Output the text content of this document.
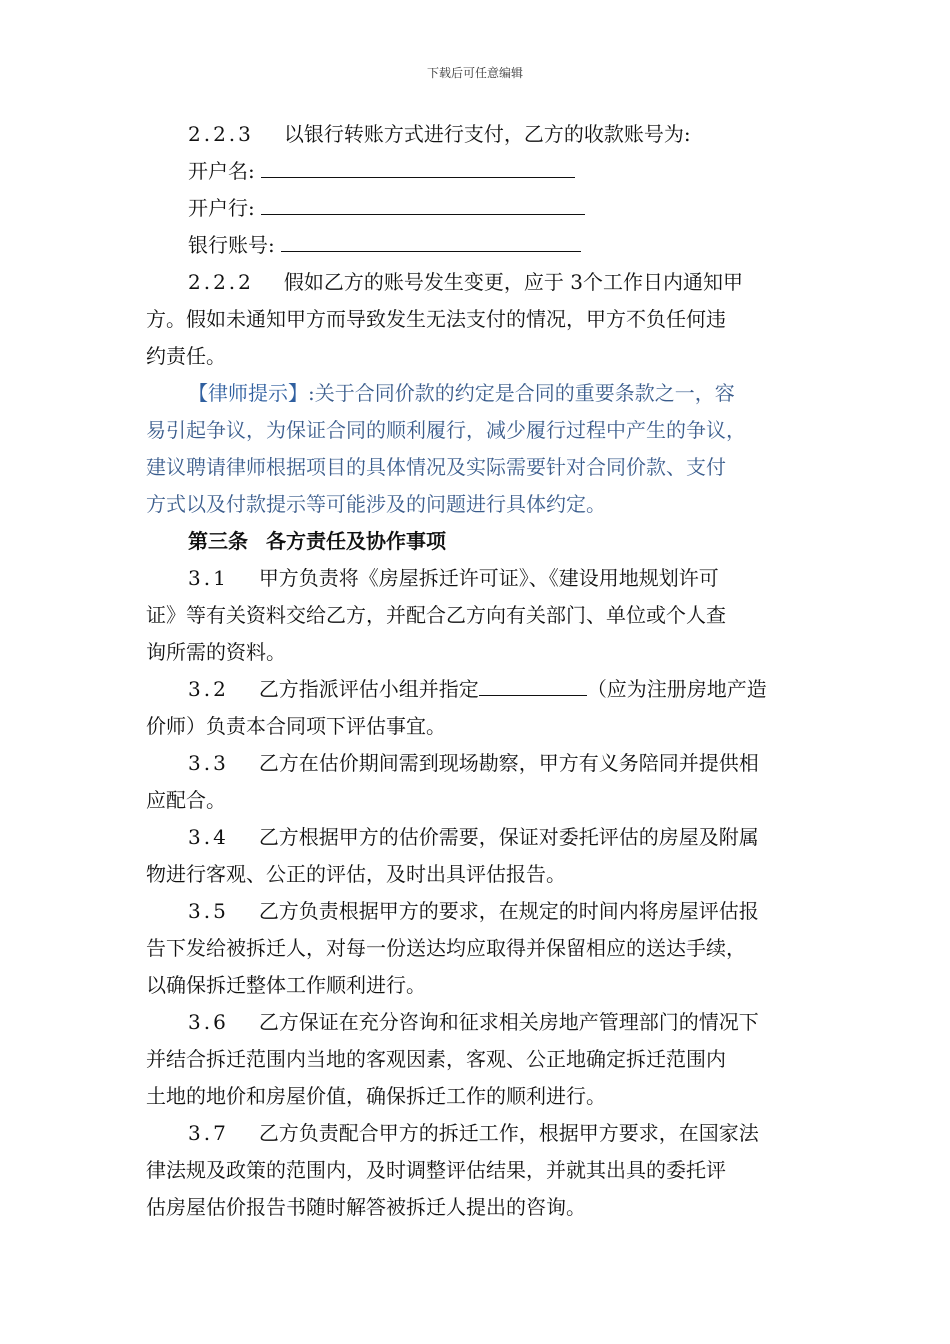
下载后可任意编辑
2.2.3 以银行转账方式进行支付，乙方的收款账号为:
开户名:
开户行:
银行账号:
2.2.2 假如乙方的账号发生变更，应于 3个工作日内通知甲
方。假如未通知甲方而导致发生无法支付的情况，甲方不负任何违
约责任。
【律师提示】:关于合同价款的约定是合同的重要条款之一，容
易引起争议，为保证合同的顺利履行，减少履行过程中产生的争议，
建议聘请律师根据项目的具体情况及实际需要针对合同价款、支付
方式以及付款提示等可能涉及的问题进行具体约定。
第三条 各方责任及协作事项
3.1 甲方负责将《房屋拆迁许可证》、《建设用地规划许可
证》等有关资料交给乙方，并配合乙方向有关部门、单位或个人查
询所需的资料。
3.2 乙方指派评估小组并指定	（应为注册房地产造
价师）负责本合同项下评估事宜。
3.3 乙方在估价期间需到现场勘察，甲方有义务陪同并提供相
应配合。
3.4 乙方根据甲方的估价需要，保证对委托评估的房屋及附属
物进行客观、公正的评估，及时出具评估报告。
3.5 乙方负责根据甲方的要求，在规定的时间内将房屋评估报
告下发给被拆迁人，对每一份送达均应取得并保留相应的送达手续，
以确保拆迁整体工作顺利进行。
3.6 乙方保证在充分咨询和征求相关房地产管理部门的情况下
并结合拆迁范围内当地的客观因素，客观、公正地确定拆迁范围内
土地的地价和房屋价值，确保拆迁工作的顺利进行。
3.7 乙方负责配合甲方的拆迁工作，根据甲方要求，在国家法
律法规及政策的范围内，及时调整评估结果，并就其出具的委托评
估房屋估价报告书随时解答被拆迁人提出的咨询。
